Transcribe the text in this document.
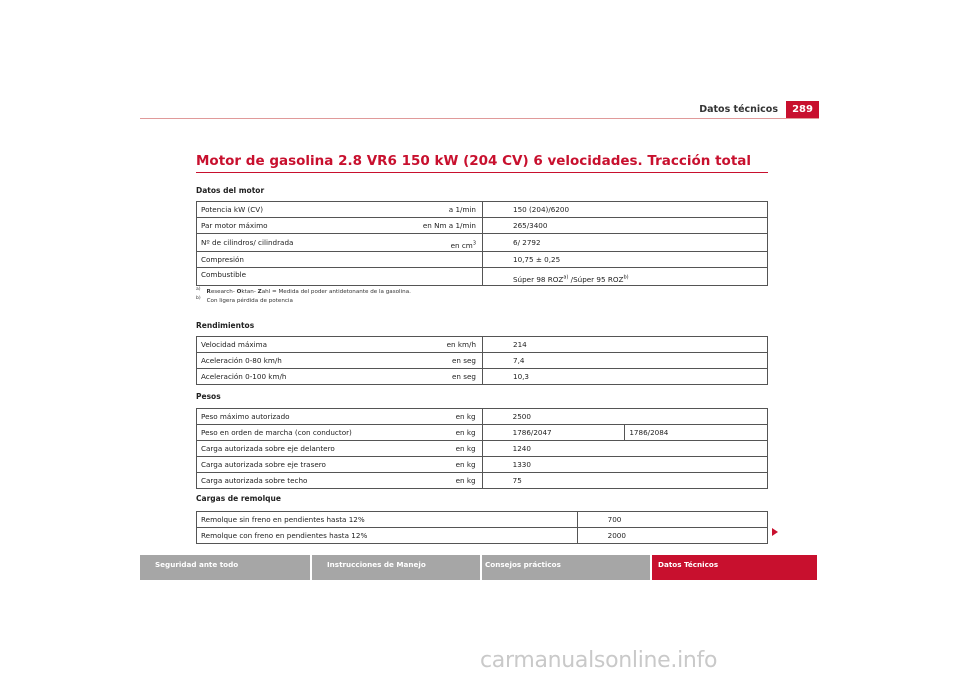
Datos técnicos	289
Motor de gasolina 2.8 VR6 150 kW (204 CV) 6 velocidades. Tracción total
Datos del motor
Potencia kW (CV)	a 1/min	150 (204)/6200
Par motor máximo	en Nm a 1/min	265/3400
Nº de cilindros/ cilindrada	en $cm^3$	6/ 2792
Compresión		10,75 ± 0,25
Combustible		Súper 98 ROZ$^{a)}$ /Súper 95 ROZ$^{b)}$
$^{a)}$ Research- Oktan- Zahl = Medida del poder antidetonante de la gasolina.
$^{b)}$ Con ligera pérdida de potencia
Rendimientos
Velocidad máxima	en km/h	214
Aceleración 0-80 km/h	en seg	7,4
Aceleración 0-100 km/h	en seg	10,3
Pesos
Peso máximo autorizado	en kg	2500	
Peso en orden de marcha (con conductor)	en kg	1786/2047	1786/2084
Carga autorizada sobre eje delantero	en kg	1240	
Carga autorizada sobre eje trasero	en kg	1330	
Carga autorizada sobre techo	en kg	75	
Cargas de remolque
Remolque sin freno en pendientes hasta 12%	700
Remolque con freno en pendientes hasta 12%	2000
Seguridad ante todo	Instrucciones de Manejo	Consejos prácticos	Datos Técnicos
carmanualsonline.info
